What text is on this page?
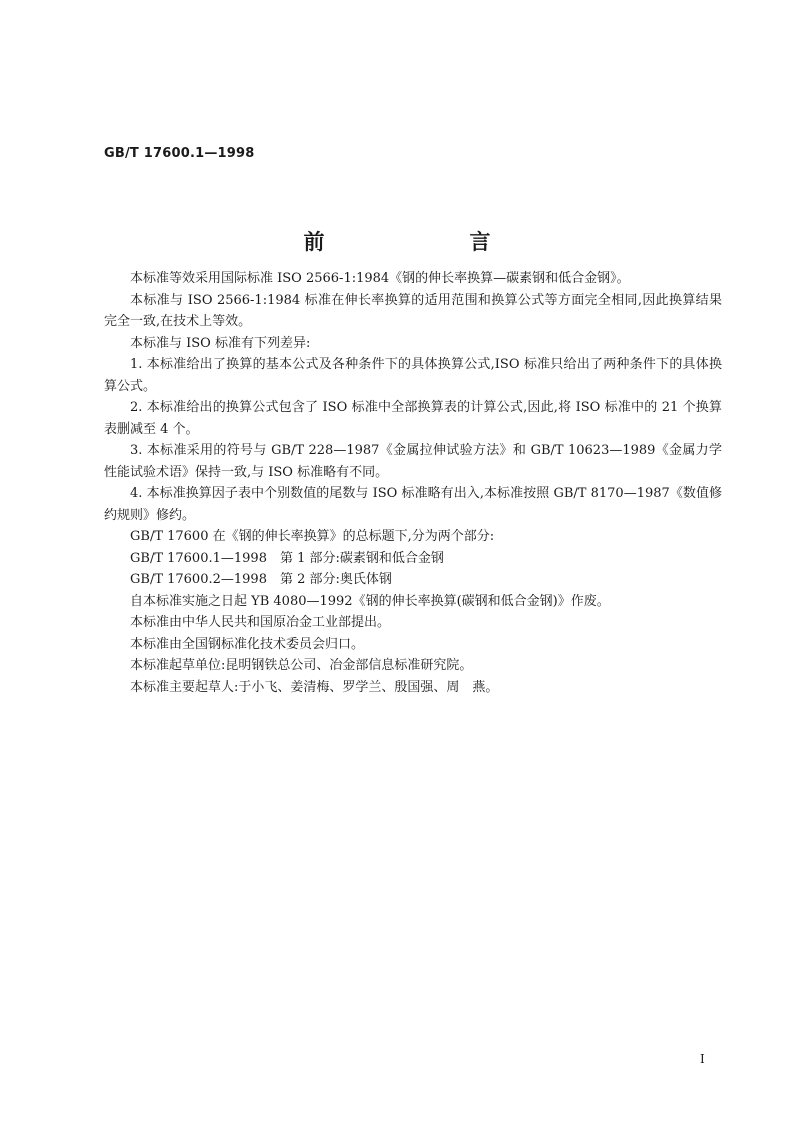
GB/T 17600.1—1998
前　言

本标准等效采用国际标准 ISO 2566-1:1984《钢的伸长率换算—碳素钢和低合金钢》。

本标准与 ISO 2566-1:1984 标准在伸长率换算的适用范围和换算公式等方面完全相同,因此换算结果完全一致,在技术上等效。

本标准与 ISO 标准有下列差异:

1. 本标准给出了换算的基本公式及各种条件下的具体换算公式,ISO 标准只给出了两种条件下的具体换算公式。

2. 本标准给出的换算公式包含了 ISO 标准中全部换算表的计算公式,因此,将 ISO 标准中的 21 个换算表删减至 4 个。

3. 本标准采用的符号与 GB/T 228—1987《金属拉伸试验方法》和 GB/T 10623—1989《金属力学性能试验术语》保持一致,与 ISO 标准略有不同。

4. 本标准换算因子表中个别数值的尾数与 ISO 标准略有出入,本标准按照 GB/T 8170—1987《数值修约规则》修约。

GB/T 17600 在《钢的伸长率换算》的总标题下,分为两个部分:

GB/T 17600.1—1998　第 1 部分:碳素钢和低合金钢

GB/T 17600.2—1998　第 2 部分:奥氏体钢

自本标准实施之日起 YB 4080—1992《钢的伸长率换算(碳钢和低合金钢)》作废。

本标准由中华人民共和国原冶金工业部提出。

本标准由全国钢标准化技术委员会归口。

本标准起草单位:昆明钢铁总公司、冶金部信息标准研究院。

本标准主要起草人:于小飞、姜清梅、罗学兰、殷国强、周　燕。

I
